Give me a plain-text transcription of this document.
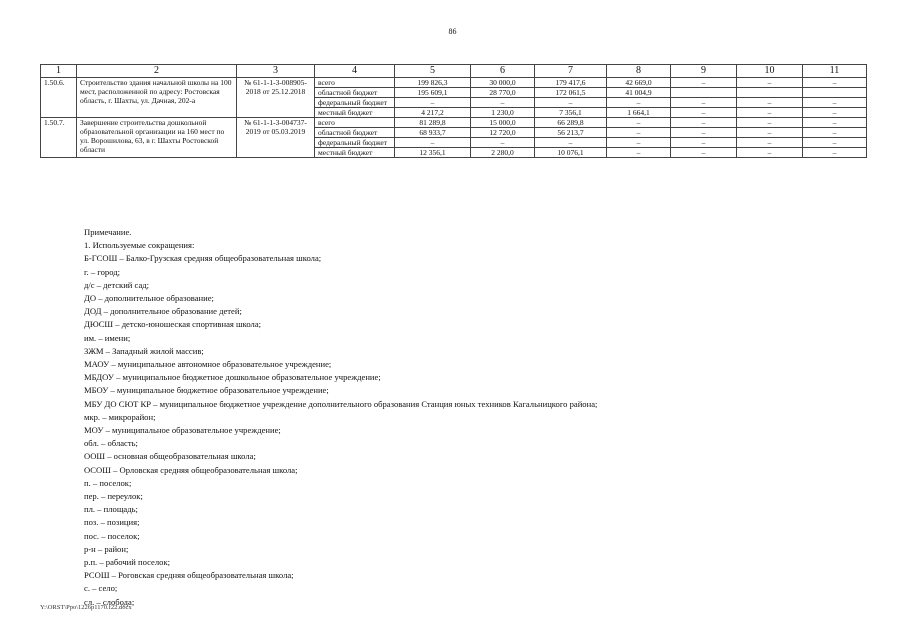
86
1	2	3	4	5	6	7	8	9	10	11
1.50.6.	Строительство здания начальной школы на 100 мест, расположенной по адресу: Ростовская область, г. Шахты, ул. Дачная, 202-а	№ 61-1-1-3-008905-2018 от 25.12.2018	всего	199 826,3	30 000,0	179 417,6	42 669,0	–	–	–
			областной бюджет	195 609,1	28 770,0	172 061,5	41 004,9			
			федеральный бюджет	–	–	–	–	–	–	–
			местный бюджет	4 217,2	1 230,0	7 356,1	1 664,1	–	–	–
1.50.7.	Завершение строительства дошкольной образовательной организации на 160 мест по ул. Ворошилова, 63, в г. Шахты Ростовской области	№ 61-1-1-3-004737-2019 от 05.03.2019	всего	81 289,8	15 000,0	66 289,8	–	–	–	–
			областной бюджет	68 933,7	12 720,0	56 213,7	–	–	–	–
			федеральный бюджет	–	–	–	–	–	–	–
			местный бюджет	12 356,1	2 280,0	10 076,1	–	–	–	–
Примечание.
1. Используемые сокращения:
Б-ГСОШ – Балко-Грузская средняя общеобразовательная школа;
г. – город;
д/с – детский сад;
ДО – дополнительное образование;
ДОД – дополнительное образование детей;
ДЮСШ – детско-юношеская спортивная школа;
им. – имени;
ЗЖМ – Западный жилой массив;
МАОУ – муниципальное автономное образовательное учреждение;
МБДОУ – муниципальное бюджетное дошкольное образовательное учреждение;
МБОУ – муниципальное бюджетное образовательное учреждение;
МБУ ДО СЮТ КР – муниципальное бюджетное учреждение дополнительного образования Станция юных техников Кагальницкого района;
мкр. – микрорайон;
МОУ – муниципальное образовательное учреждение;
обл. – область;
ООШ – основная общеобразовательная школа;
ОСОШ – Орловская средняя общеобразовательная школа;
п. – поселок;
пер. – переулок;
пл. – площадь;
поз. – позиция;
пос. – поселок;
р-н – район;
р.п. – рабочий поселок;
РСОШ – Роговская средняя общеобразовательная школа;
с. – село;
сл. – слобода;
Y:\ORST\Ppo\1226p1170.f22.docx
